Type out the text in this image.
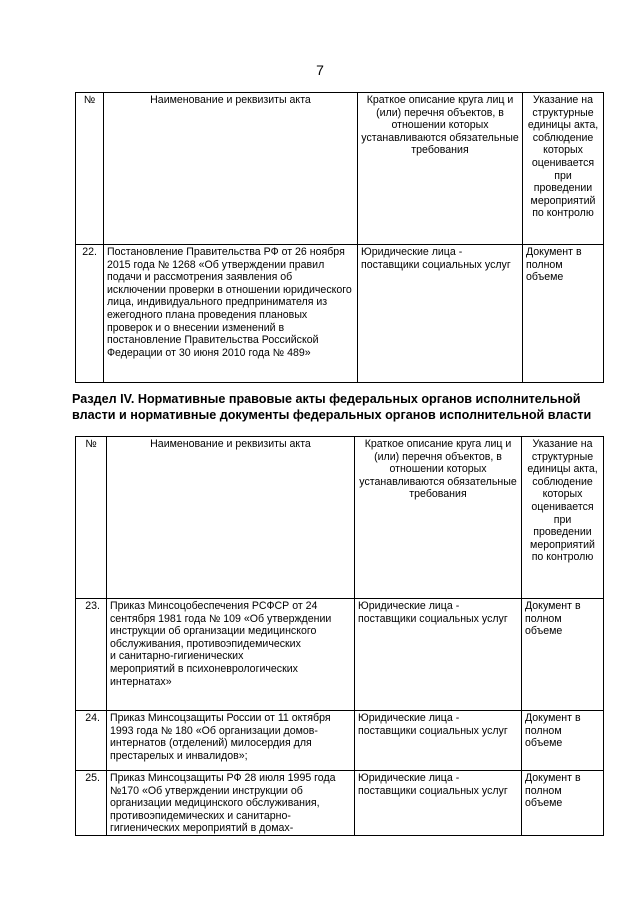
7
№	Наименование и реквизиты акта	Краткое описание круга лиц и (или) перечня объектов, в отношении которых устанавливаются обязательные требования	Указание на структурные единицы акта, соблюдение которых оценивается при проведении мероприятий по контролю
22.	Постановление Правительства РФ от 26 ноября 2015 года № 1268 «Об утверждении правил подачи и рассмотрения заявления об исключении проверки в отношении юридического лица, индивидуального предпринимателя из ежегодного плана проведения плановых проверок и о внесении изменений в постановление Правительства Российской Федерации от 30 июня 2010 года № 489»	Юридические лица - поставщики социальных услуг	Документ в полном объеме
Раздел IV. Нормативные правовые акты федеральных органов исполнительной
власти и нормативные документы федеральных органов исполнительной власти
№	Наименование и реквизиты акта	Краткое описание круга лиц и (или) перечня объектов, в отношении которых устанавливаются обязательные требования	Указание на структурные единицы акта, соблюдение которых оценивается при проведении мероприятий по контролю
23.	Приказ Минсоцобеспечения РСФСР от 24 сентября 1981 года № 109 «Об утверждении инструкции об организации медицинского
обслуживания, противоэпидемических
и санитарно-гигиенических
мероприятий в психоневрологических
интернатах»	Юридические лица - поставщики социальных услуг	Документ в полном объеме
24.	Приказ Минсоцзащиты России от 11 октября 1993 года № 180 «Об организации домов-интернатов (отделений) милосердия для престарелых и инвалидов»;	Юридические лица - поставщики социальных услуг	Документ в полном объеме
25.	Приказ Минсоцзащиты РФ 28 июля 1995 года №170 «Об утверждении инструкции об организации медицинского обслуживания, противоэпидемических и санитарно-гигиенических мероприятий в домах-	Юридические лица - поставщики социальных услуг	Документ в полном объеме
